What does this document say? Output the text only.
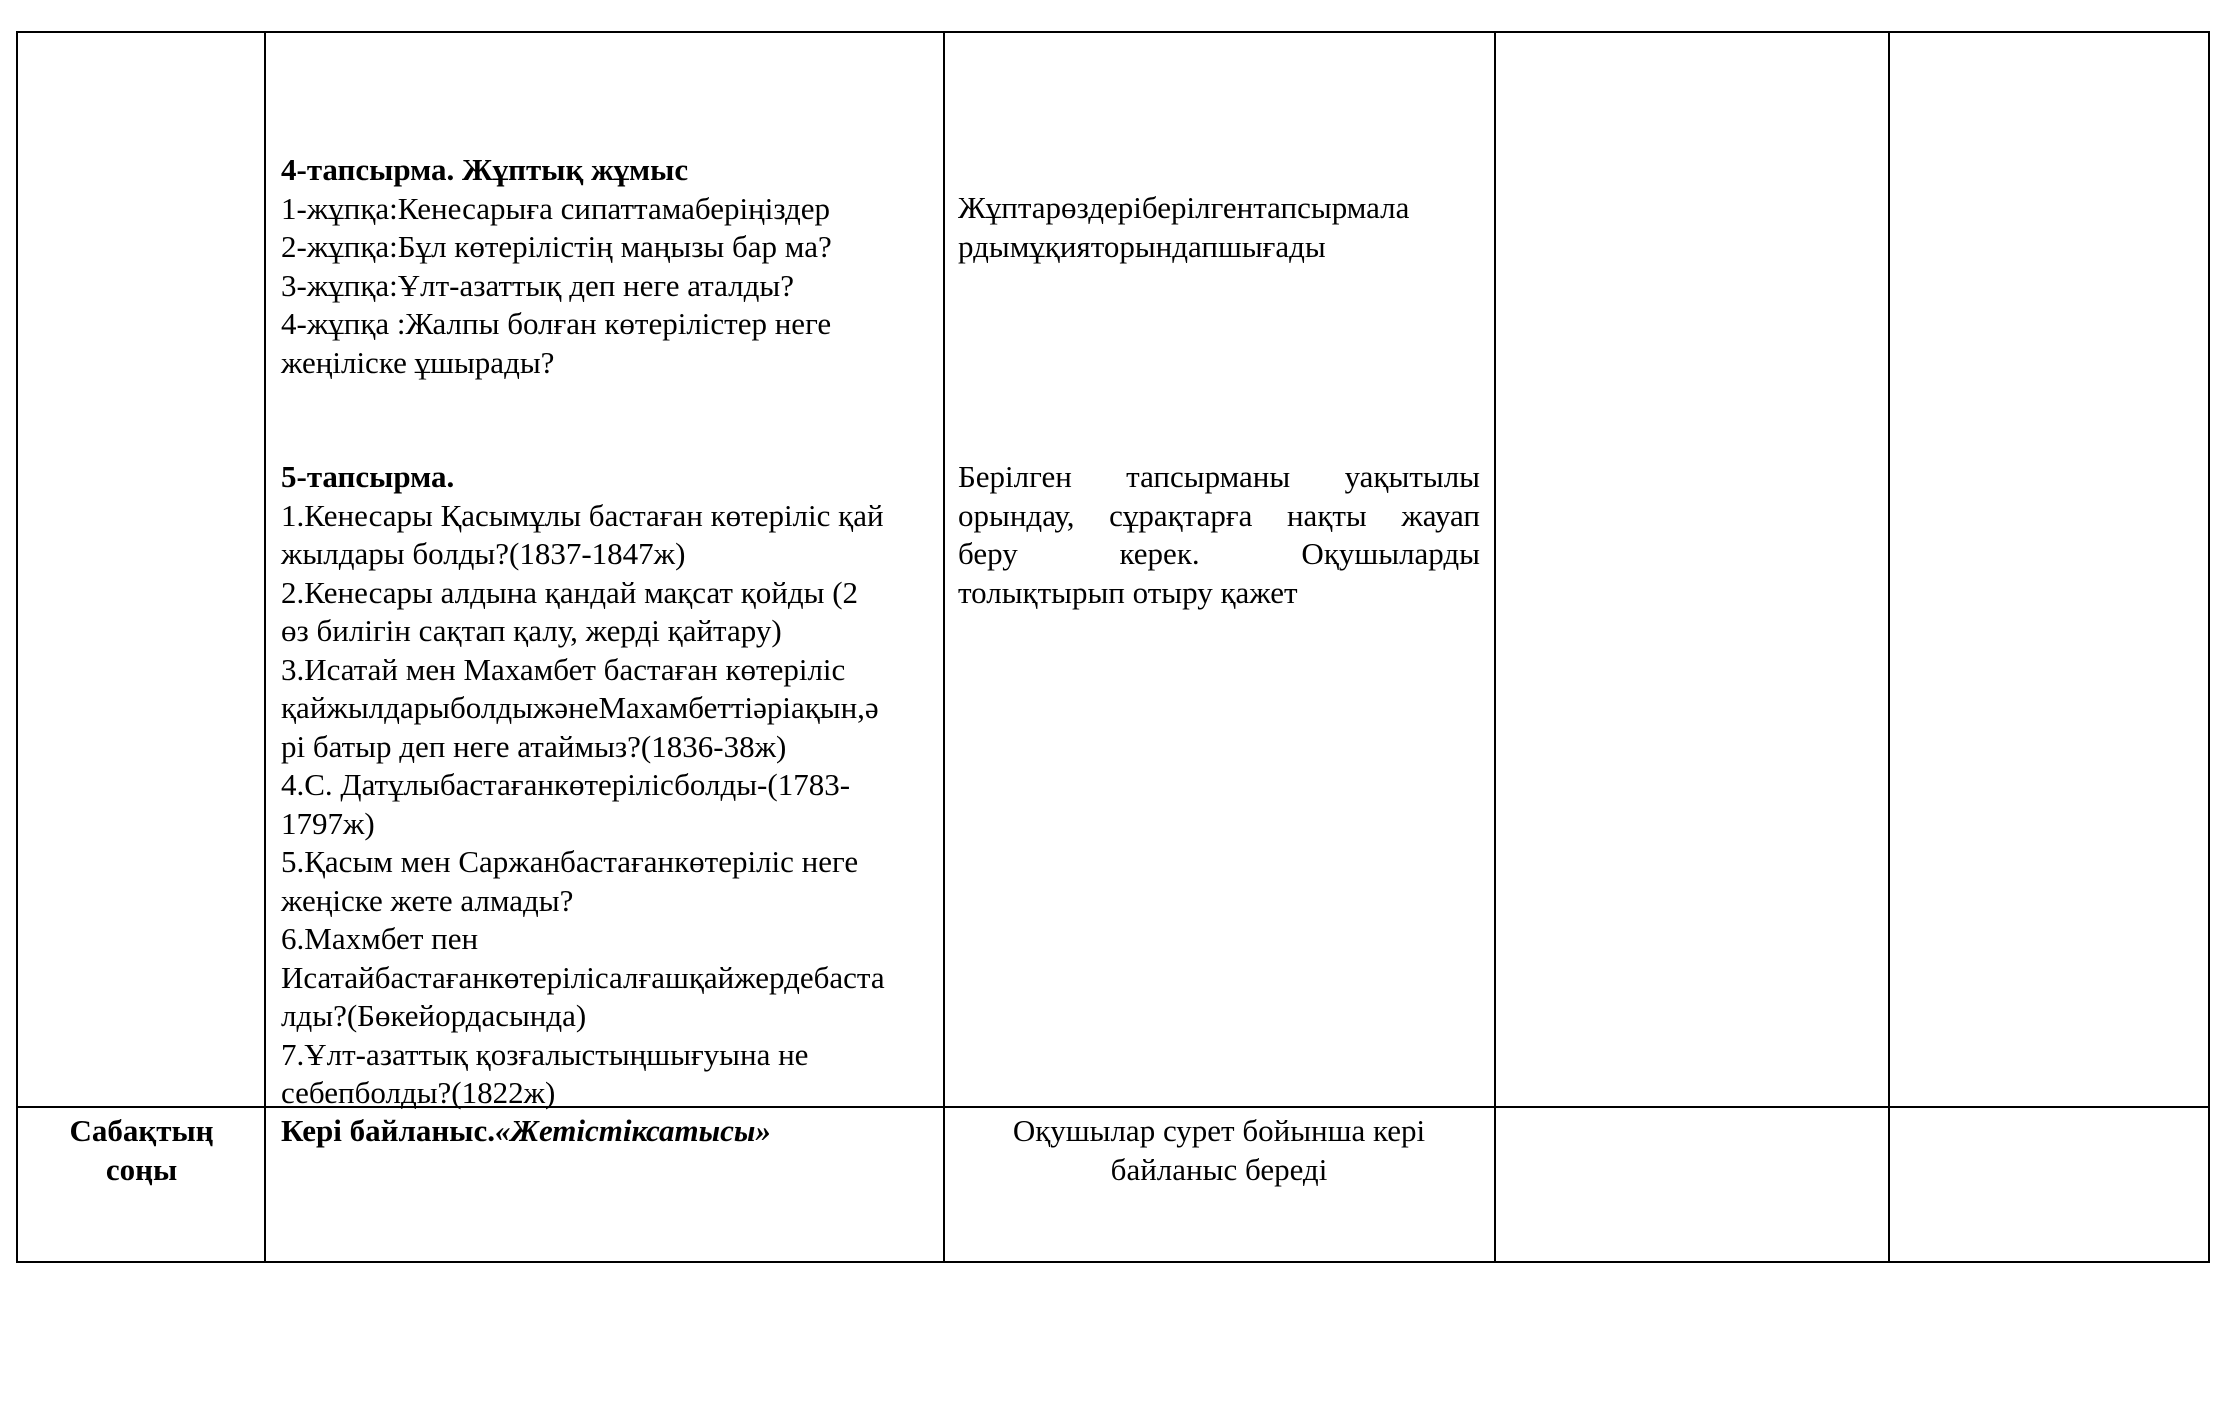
4-тапсырма. Жұптық жұмыс

1-жұпқа:Кенесарыға сипаттамаберіңіздер

2-жұпқа:Бұл көтерілістің маңызы бар ма?

3-жұпқа:Ұлт-азаттық деп неге аталды?

4-жұпқа :Жалпы болған көтерілістер неге

жеңіліске ұшырады?

Жұптарөздеріберілгентапсырмала

рдымұқияторындапшығады

5-тапсырма.

1.Кенесары Қасымұлы бастаған көтеріліс қай

жылдары болды?(1837-1847ж)

2.Кенесары алдына қандай мақсат қойды (2

өз билігін сақтап қалу, жерді қайтару)

3.Исатай мен Махамбет бастаған көтеріліс

қайжылдарыболдыжәнеМахамбеттіәріақын,ә

рі батыр деп неге атаймыз?(1836-38ж)

4.С. Датұлыбастағанкөтерілісболды-(1783-

1797ж)

5.Қасым мен Саржанбастағанкөтеріліс неге

жеңіске жете алмады?

6.Махмбет пен

Исатайбастағанкөтерілісалғашқайжердебаста

лды?(Бөкейордасында)

7.Ұлт-азаттық қозғалыстыңшығуына не

себепболды?(1822ж)

Берілген тапсырманы уақытылы

орындау, сұрақтарға нақты жауап

беру керек. Оқушыларды

толықтырып отыру қажет

Сабақтың

соңы

Кері байланыс.«Жетістіксатысы»	Оқушылар сурет бойынша кері

байланыс береді
